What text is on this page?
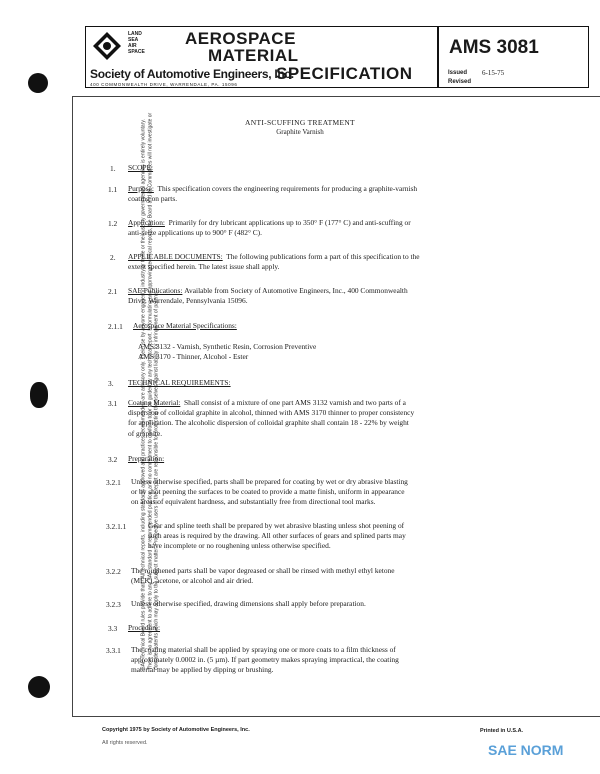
SAE Technical Board rules provide that: "All technical reports, including standards approved and practices recommended, are advisory only. Their use by anyone engaged in industry or trade or their use by governmental agencies is entirely voluntary. There is no agreement to adhere to any SAE standard or recommended practice, and no commitment to conform to or be guided by any technical report. In formulating and approving technical reports, the Board and its Committees will not investigate or consider patents which may apply to the subject matter. Prospective users of the report are responsible for protecting themselves against liability for infringement of patents."
LAND
SEA
AIR
SPACE
AEROSPACE
MATERIAL
SPECIFICATION
Society of Automotive Engineers, Inc.
400 COMMONWEALTH DRIVE, WARRENDALE, PA. 15096
AMS 3081
Issued 6-15-75
Revised
ANTI-SCUFFING TREATMENT
Graphite Varnish
1. SCOPE:
1.1 Purpose: This specification covers the engineering requirements for producing a graphite-varnish
coating on parts.
1.2 Application: Primarily for dry lubricant applications up to 350° F (177° C) and anti-scuffing or
anti-seize applications up to 900° F (482° C).
2. APPLICABLE DOCUMENTS: The following publications form a part of this specification to the
extent specified herein. The latest issue shall apply.
2.1 SAE Publications: Available from Society of Automotive Engineers, Inc., 400 Commonwealth
Drive, Warrendale, Pennsylvania 15096.
2.1.1 Aerospace Material Specifications:
AMS 3132 - Varnish, Synthetic Resin, Corrosion Preventive
AMS 3170 - Thinner, Alcohol - Ester
3. TECHNICAL REQUIREMENTS:
3.1 Coating Material: Shall consist of a mixture of one part AMS 3132 varnish and two parts of a
dispersion of colloidal graphite in alcohol, thinned with AMS 3170 thinner to proper consistency
for application. The alcoholic dispersion of colloidal graphite shall contain 18 - 22% by weight
of graphite.
3.2 Preparation:
3.2.1 Unless otherwise specified, parts shall be prepared for coating by wet or dry abrasive blasting
or by shot peening the surfaces to be coated to provide a matte finish, uniform in appearance
on areas of equivalent hardness, and substantially free from directional tool marks.
3.2.1.1	Gear and spline teeth shall be prepared by wet abrasive blasting unless shot peening of
such areas is required by the drawing. All other surfaces of gears and splined parts may
have incomplete or no roughening unless otherwise specified.
3.2.2 The roughened parts shall be vapor degreased or shall be rinsed with methyl ethyl ketone
(MEK), acetone, or alcohol and air dried.
3.2.3 Unless otherwise specified, drawing dimensions shall apply before preparation.
3.3 Procedure:
3.3.1 The coating material shall be applied by spraying one or more coats to a film thickness of
approximately 0.0002 in. (5 µm). If part geometry makes spraying impractical, the coating
material may be applied by dipping or brushing.
Copyright 1975 by Society of Automotive Engineers, Inc.
All rights reserved.
Printed in U.S.A.
SAE NORM
